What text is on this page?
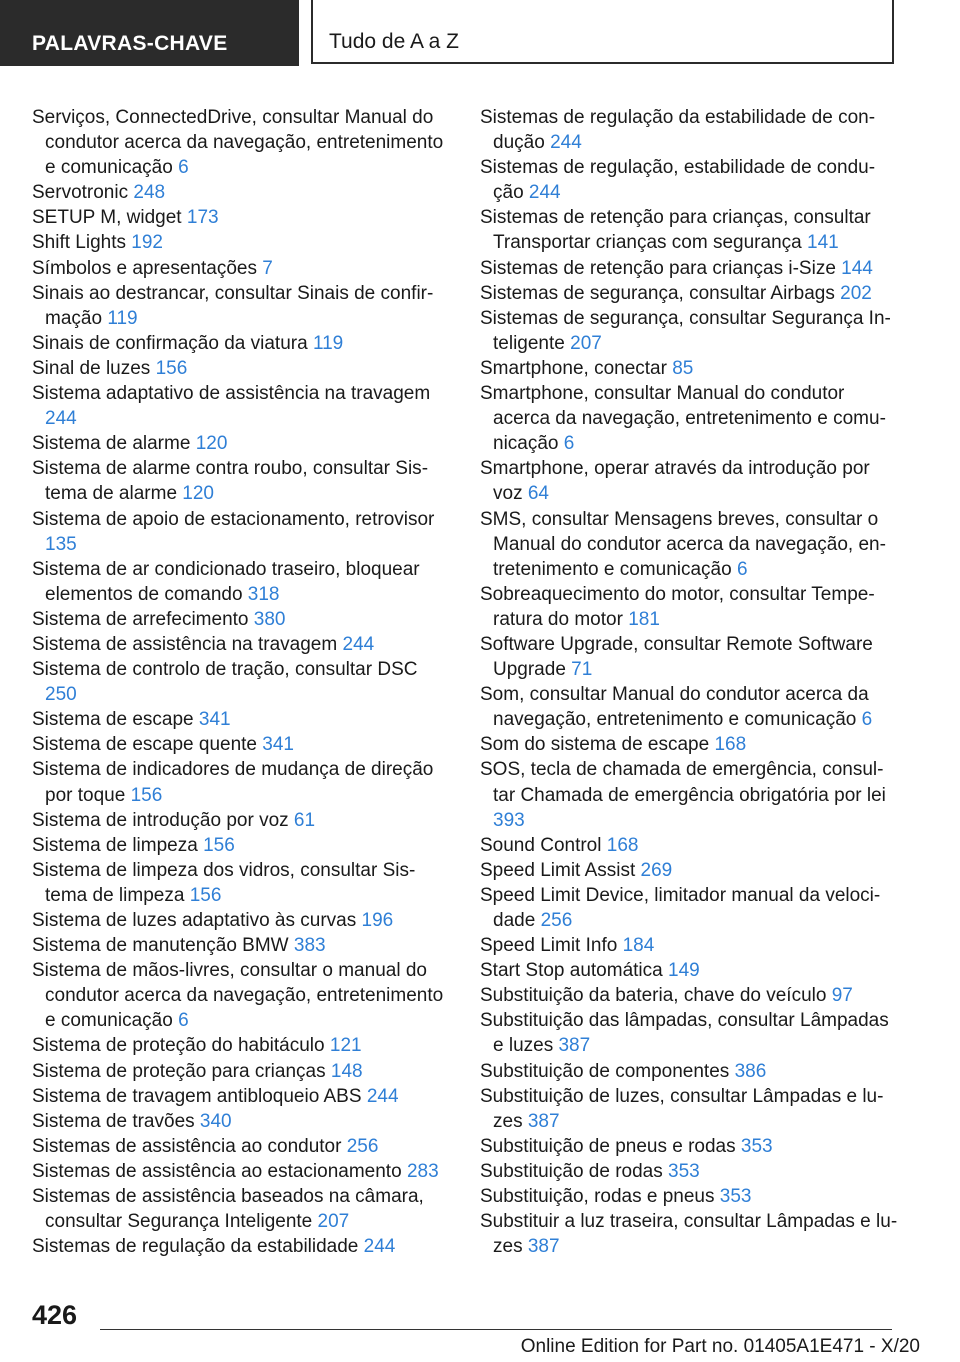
PALAVRAS-CHAVE	Tudo de A a Z
Serviços, ConnectedDrive, consultar Manual do condutor acerca da navegação, entretenimento e comunicação 6
Servotronic 248
SETUP M, widget 173
Shift Lights 192
Símbolos e apresentações 7
Sinais ao destrancar, consultar Sinais de confirmação 119
Sinais de confirmação da viatura 119
Sinal de luzes 156
Sistema adaptativo de assistência na travagem 244
Sistema de alarme 120
Sistema de alarme contra roubo, consultar Sistema de alarme 120
Sistema de apoio de estacionamento, retrovisor 135
Sistema de ar condicionado traseiro, bloquear elementos de comando 318
Sistema de arrefecimento 380
Sistema de assistência na travagem 244
Sistema de controlo de tração, consultar DSC 250
Sistema de escape 341
Sistema de escape quente 341
Sistema de indicadores de mudança de direção por toque 156
Sistema de introdução por voz 61
Sistema de limpeza 156
Sistema de limpeza dos vidros, consultar Sistema de limpeza 156
Sistema de luzes adaptativo às curvas 196
Sistema de manutenção BMW 383
Sistema de mãos-livres, consultar o manual do condutor acerca da navegação, entretenimento e comunicação 6
Sistema de proteção do habitáculo 121
Sistema de proteção para crianças 148
Sistema de travagem antibloqueio ABS 244
Sistema de travões 340
Sistemas de assistência ao condutor 256
Sistemas de assistência ao estacionamento 283
Sistemas de assistência baseados na câmara, consultar Segurança Inteligente 207
Sistemas de regulação da estabilidade 244
Sistemas de regulação da estabilidade de condução 244
Sistemas de regulação, estabilidade de condução 244
Sistemas de retenção para crianças, consultar Transportar crianças com segurança 141
Sistemas de retenção para crianças i-Size 144
Sistemas de segurança, consultar Airbags 202
Sistemas de segurança, consultar Segurança Inteligente 207
Smartphone, conectar 85
Smartphone, consultar Manual do condutor acerca da navegação, entretenimento e comunicação 6
Smartphone, operar através da introdução por voz 64
SMS, consultar Mensagens breves, consultar o Manual do condutor acerca da navegação, entretenimento e comunicação 6
Sobreaquecimento do motor, consultar Temperatura do motor 181
Software Upgrade, consultar Remote Software Upgrade 71
Som, consultar Manual do condutor acerca da navegação, entretenimento e comunicação 6
Som do sistema de escape 168
SOS, tecla de chamada de emergência, consultar Chamada de emergência obrigatória por lei 393
Sound Control 168
Speed Limit Assist 269
Speed Limit Device, limitador manual da velocidade 256
Speed Limit Info 184
Start Stop automática 149
Substituição da bateria, chave do veículo 97
Substituição das lâmpadas, consultar Lâmpadas e luzes 387
Substituição de componentes 386
Substituição de luzes, consultar Lâmpadas e luzes 387
Substituição de pneus e rodas 353
Substituição de rodas 353
Substituição, rodas e pneus 353
Substituir a luz traseira, consultar Lâmpadas e luzes 387
426
Online Edition for Part no. 01405A1E471 - X/20
